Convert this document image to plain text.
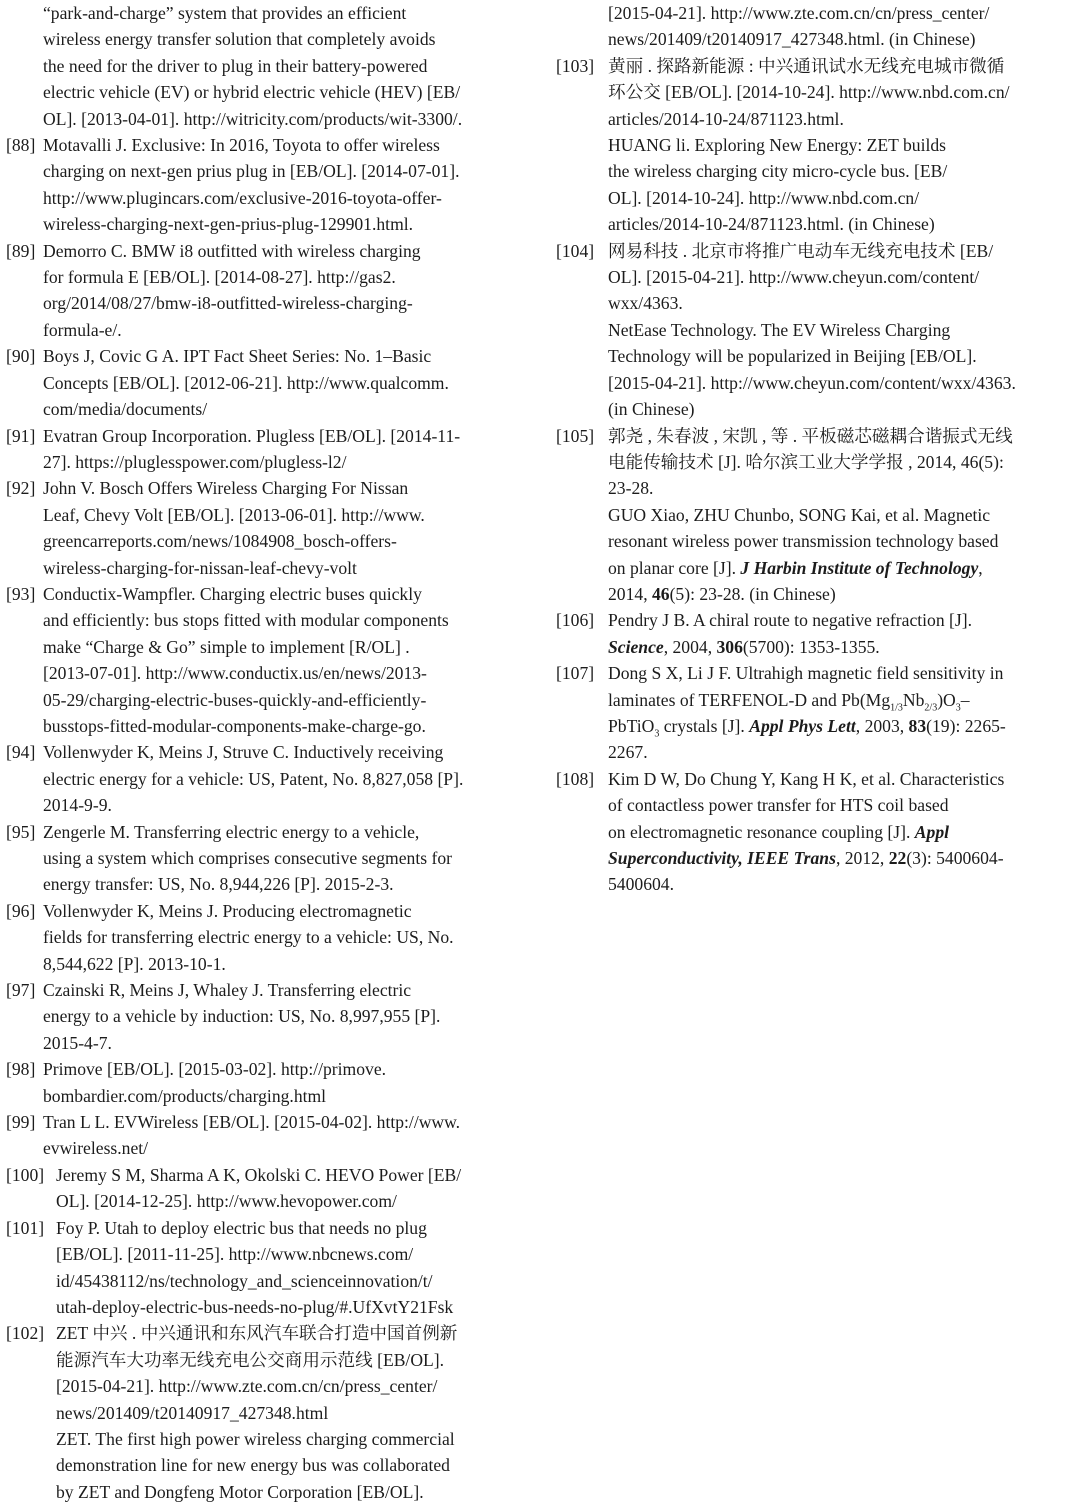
“park-and-charge” system that provides an efficient
wireless energy transfer solution that completely avoids
the need for the driver to plug in their battery-powered
electric vehicle (EV) or hybrid electric vehicle (HEV) [EB/
OL]. [2013-04-01]. http://witricity.com/products/wit-3300/.

[88] Motavalli J. Exclusive: In 2016, Toyota to offer wireless
charging on next-gen prius plug in [EB/OL]. [2014-07-01].
http://www.plugincars.com/exclusive-2016-toyota-offer-
wireless-charging-next-gen-prius-plug-129901.html.

[89] Demorro C. BMW i8 outfitted with wireless charging
for formula E [EB/OL]. [2014-08-27]. http://gas2.
org/2014/08/27/bmw-i8-outfitted-wireless-charging-
formula-e/.

[90] Boys J, Covic G A. IPT Fact Sheet Series: No. 1–Basic
Concepts [EB/OL]. [2012-06-21]. http://www.qualcomm.
com/media/documents/

[91] Evatran Group Incorporation. Plugless [EB/OL]. [2014-11-
27]. https://pluglesspower.com/plugless-l2/

[92] John V. Bosch Offers Wireless Charging For Nissan
Leaf, Chevy Volt [EB/OL]. [2013-06-01]. http://www.
greencarreports.com/news/1084908_bosch-offers-
wireless-charging-for-nissan-leaf-chevy-volt

[93] Conductix-Wampfler. Charging electric buses quickly
and efficiently: bus stops fitted with modular components
make “Charge & Go” simple to implement [R/OL] .
[2013-07-01]. http://www.conductix.us/en/news/2013-
05-29/charging-electric-buses-quickly-and-efficiently-
busstops-fitted-modular-components-make-charge-go.

[94] Vollenwyder K, Meins J, Struve C. Inductively receiving
electric energy for a vehicle: US, Patent, No. 8,827,058 [P].
2014-9-9.

[95] Zengerle M. Transferring electric energy to a vehicle,
using a system which comprises consecutive segments for
energy transfer: US, No. 8,944,226 [P]. 2015-2-3.

[96] Vollenwyder K, Meins J. Producing electromagnetic
fields for transferring electric energy to a vehicle: US, No.
8,544,622 [P]. 2013-10-1.

[97] Czainski R, Meins J, Whaley J. Transferring electric
energy to a vehicle by induction: US, No. 8,997,955 [P].
2015-4-7.

[98] Primove [EB/OL]. [2015-03-02]. http://primove.
bombardier.com/products/charging.html

[99] Tran L L. EVWireless [EB/OL]. [2015-04-02]. http://www.
evwireless.net/

[100] Jeremy S M, Sharma A K, Okolski C. HEVO Power [EB/
OL]. [2014-12-25]. http://www.hevopower.com/

[101] Foy P. Utah to deploy electric bus that needs no plug
[EB/OL]. [2011-11-25]. http://www.nbcnews.com/
id/45438112/ns/technology_and_scienceinnovation/t/
utah-deploy-electric-bus-needs-no-plug/#.UfXvtY21Fsk

[102] ZET 中兴 . 中兴通讯和东风汽车联合打造中国首例新
能源汽车大功率无线充电公交商用示范线 [EB/OL].
[2015-04-21]. http://www.zte.com.cn/cn/press_center/
news/201409/t20140917_427348.html
ZET. The first high power wireless charging commercial
demonstration line for new energy bus was collaborated
by ZET and Dongfeng Motor Corporation [EB/OL].

[2015-04-21]. http://www.zte.com.cn/cn/press_center/
news/201409/t20140917_427348.html. (in Chinese)

[103] 黄丽 . 探路新能源 : 中兴通讯试水无线充电城市微循
环公交 [EB/OL]. [2014-10-24]. http://www.nbd.com.cn/
articles/2014-10-24/871123.html.
HUANG li. Exploring New Energy: ZET builds
the wireless charging city micro-cycle bus. [EB/
OL]. [2014-10-24]. http://www.nbd.com.cn/
articles/2014-10-24/871123.html. (in Chinese)

[104] 网易科技 . 北京市将推广电动车无线充电技术 [EB/
OL]. [2015-04-21]. http://www.cheyun.com/content/
wxx/4363.
NetEase Technology. The EV Wireless Charging
Technology will be popularized in Beijing [EB/OL].
[2015-04-21]. http://www.cheyun.com/content/wxx/4363.
(in Chinese)

[105] 郭尧 , 朱春波 , 宋凯 , 等 . 平板磁芯磁耦合谐振式无线
电能传输技术 [J]. 哈尔滨工业大学学报 , 2014, 46(5):
23-28.
GUO Xiao, ZHU Chunbo, SONG Kai, et al. Magnetic
resonant wireless power transmission technology based
on planar core [J]. J Harbin Institute of Technology,
2014, 46(5): 23-28. (in Chinese)

[106] Pendry J B. A chiral route to negative refraction [J].
Science, 2004, 306(5700): 1353-1355.

[107] Dong S X, Li J F. Ultrahigh magnetic field sensitivity in
laminates of TERFENOL-D and $Pb(Mg_{1/3}Nb_{2/3})O_3-$
PbTiO$_3$ crystals [J]. Appl Phys Lett, 2003, 83(19): 2265-
2267.

[108] Kim D W, Do Chung Y, Kang H K, et al. Characteristics
of contactless power transfer for HTS coil based
on electromagnetic resonance coupling [J]. Appl
Superconductivity, IEEE Trans, 2012, 22(3): 5400604-
5400604.
